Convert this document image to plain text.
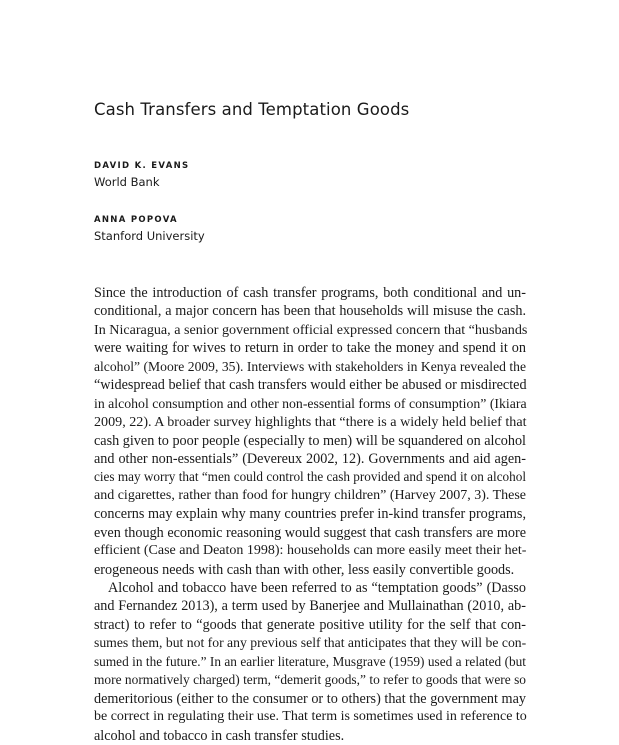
Cash Transfers and Temptation Goods
DAVID K. EVANS
World Bank
ANNA POPOVA
Stanford University
Since the introduction of cash transfer programs, both conditional and un-
conditional, a major concern has been that households will misuse the cash.
In Nicaragua, a senior government official expressed concern that “husbands
were waiting for wives to return in order to take the money and spend it on
alcohol” (Moore 2009, 35). Interviews with stakeholders in Kenya revealed the
“widespread belief that cash transfers would either be abused or misdirected
in alcohol consumption and other non-essential forms of consumption” (Ikiara
2009, 22). A broader survey highlights that “there is a widely held belief that
cash given to poor people (especially to men) will be squandered on alcohol
and other non-essentials” (Devereux 2002, 12). Governments and aid agen-
cies may worry that “men could control the cash provided and spend it on alcohol
and cigarettes, rather than food for hungry children” (Harvey 2007, 3). These
concerns may explain why many countries prefer in-kind transfer programs,
even though economic reasoning would suggest that cash transfers are more
efficient (Case and Deaton 1998): households can more easily meet their het-
erogeneous needs with cash than with other, less easily convertible goods.
Alcohol and tobacco have been referred to as “temptation goods” (Dasso
and Fernandez 2013), a term used by Banerjee and Mullainathan (2010, ab-
stract) to refer to “goods that generate positive utility for the self that con-
sumes them, but not for any previous self that anticipates that they will be con-
sumed in the future.” In an earlier literature, Musgrave (1959) used a related (but
more normatively charged) term, “demerit goods,” to refer to goods that were so
demeritorious (either to the consumer or to others) that the government may
be correct in regulating their use. That term is sometimes used in reference to
alcohol and tobacco in cash transfer studies.
